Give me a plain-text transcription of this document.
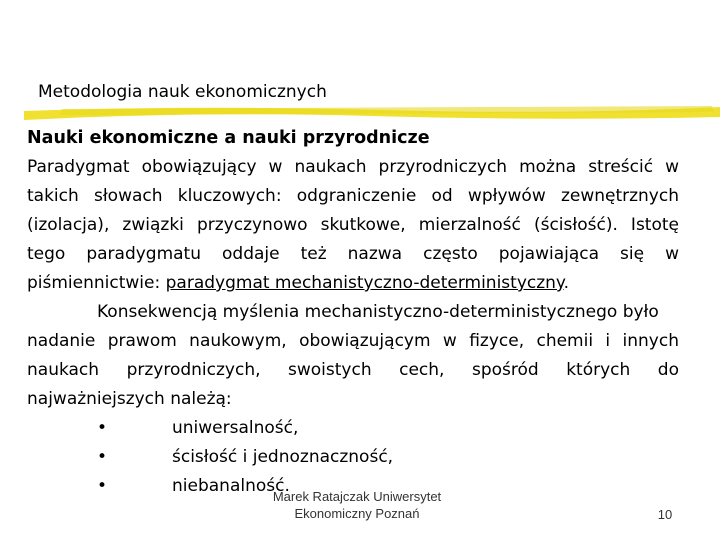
Metodologia nauk ekonomicznych
Nauki ekonomiczne a nauki przyrodnicze
Paradygmat obowiązujący w naukach przyrodniczych można streścić w
takich słowach kluczowych: odgraniczenie od wpływów zewnętrznych
(izolacja), związki przyczynowo skutkowe, mierzalność (ścisłość). Istotę
tego paradygmatu oddaje też nazwa często pojawiająca się w
piśmiennictwie: paradygmat mechanistyczno-deterministyczny.
Konsekwencją myślenia mechanistyczno-deterministycznego było
nadanie prawom naukowym, obowiązującym w fizyce, chemii i innych
naukach przyrodniczych, swoistych cech, spośród których do
najważniejszych należą:
•	uniwersalność,
•	ścisłość i jednoznaczność,
•	niebanalność.
Marek Ratajczak Uniwersytet
Ekonomiczny Poznań	10
